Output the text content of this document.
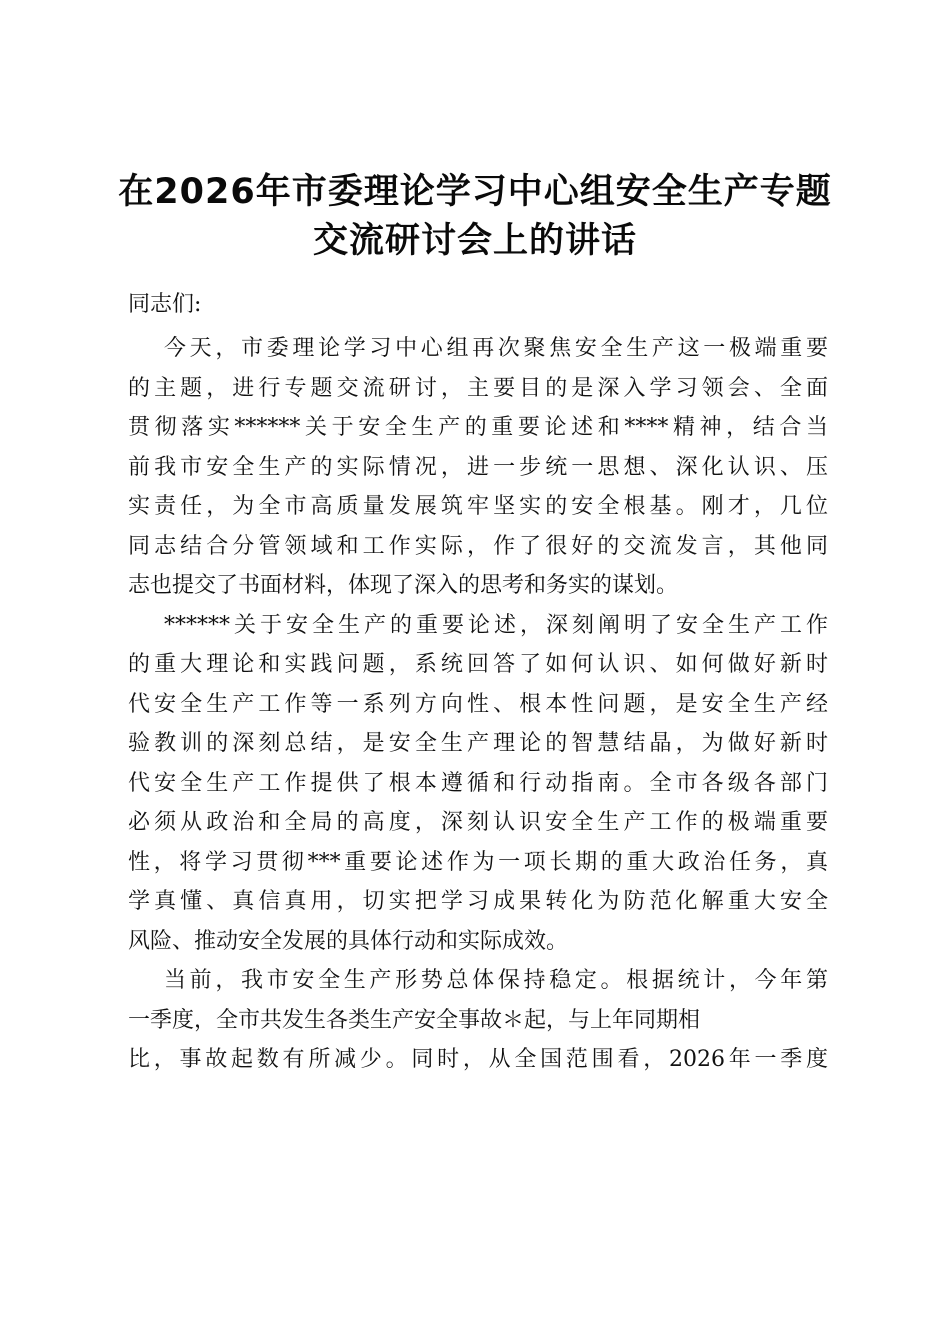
在2026年市委理论学习中心组安全生产专题
交流研讨会上的讲话

同志们:

今天，市委理论学习中心组再次聚焦安全生产这一极端重要
的主题，进行专题交流研讨，主要目的是深入学习领会、全面
贯彻落实******关于安全生产的重要论述和****精神，结合当
前我市安全生产的实际情况，进一步统一思想、深化认识、压
实责任，为全市高质量发展筑牢坚实的安全根基。刚才，几位
同志结合分管领域和工作实际，作了很好的交流发言，其他同
志也提交了书面材料，体现了深入的思考和务实的谋划。
******关于安全生产的重要论述，深刻阐明了安全生产工作
的重大理论和实践问题，系统回答了如何认识、如何做好新时
代安全生产工作等一系列方向性、根本性问题，是安全生产经
验教训的深刻总结，是安全生产理论的智慧结晶，为做好新时
代安全生产工作提供了根本遵循和行动指南。全市各级各部门
必须从政治和全局的高度，深刻认识安全生产工作的极端重要
性，将学习贯彻***重要论述作为一项长期的重大政治任务，真
学真懂、真信真用，切实把学习成果转化为防范化解重大安全
风险、推动安全发展的具体行动和实际成效。
当前，我市安全生产形势总体保持稳定。根据统计，今年第
一季度，全市共发生各类生产安全事故＊起，与上年同期相
比，事故起数有所减少。同时，从全国范围看，2026年一季度
